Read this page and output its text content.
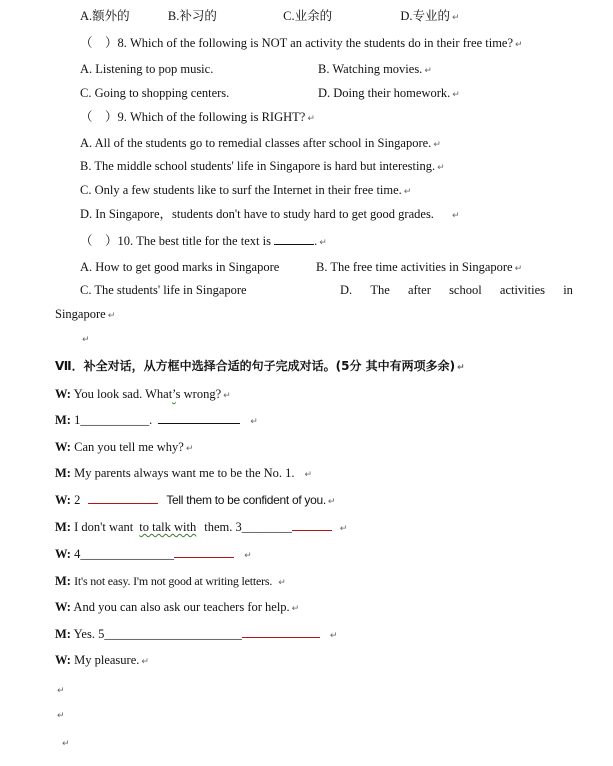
A.额外的	B.补习的	C.业余的	D.专业的 ↵
（　）8. Which of the following is NOT an activity the students do in their free time? ↵
A. Listening to pop music.	B. Watching movies. ↵
C. Going to shopping centers.	D. Doing their homework. ↵
（　）9. Which of the following is RIGHT? ↵
A. All of the students go to remedial classes after school in Singapore. ↵
B. The middle school students' life in Singapore is hard but interesting. ↵
C. Only a few students like to surf the Internet in their free time. ↵
D. In Singapore，students don't have to study hard to get good grades. ↵
（　）10. The best title for the text is	. ↵
A. How to get good marks in Singapore	B. The free time activities in Singapore ↵
C. The students' life in Singapore	D. The after school activities in
Singapore ↵
↵
Ⅶ．补全对话，从方框中选择合适的句子完成对话。(5分 其中有两项多余) ↵
W: You look sad. What’s wrong? ↵
M: 1___________.	↵
W: Can you tell me why? ↵
M: My parents always want me to be the No. 1. ↵
W: 2	Tell them to be confident of you. ↵
M: I don't want to talk with them. 3________	↵
W: 4_______________	↵
M: It's not easy. I'm not good at writing letters. ↵
W: And you can also ask our teachers for help. ↵
M: Yes. 5______________________	↵
W: My pleasure. ↵
↵
↵
↵
